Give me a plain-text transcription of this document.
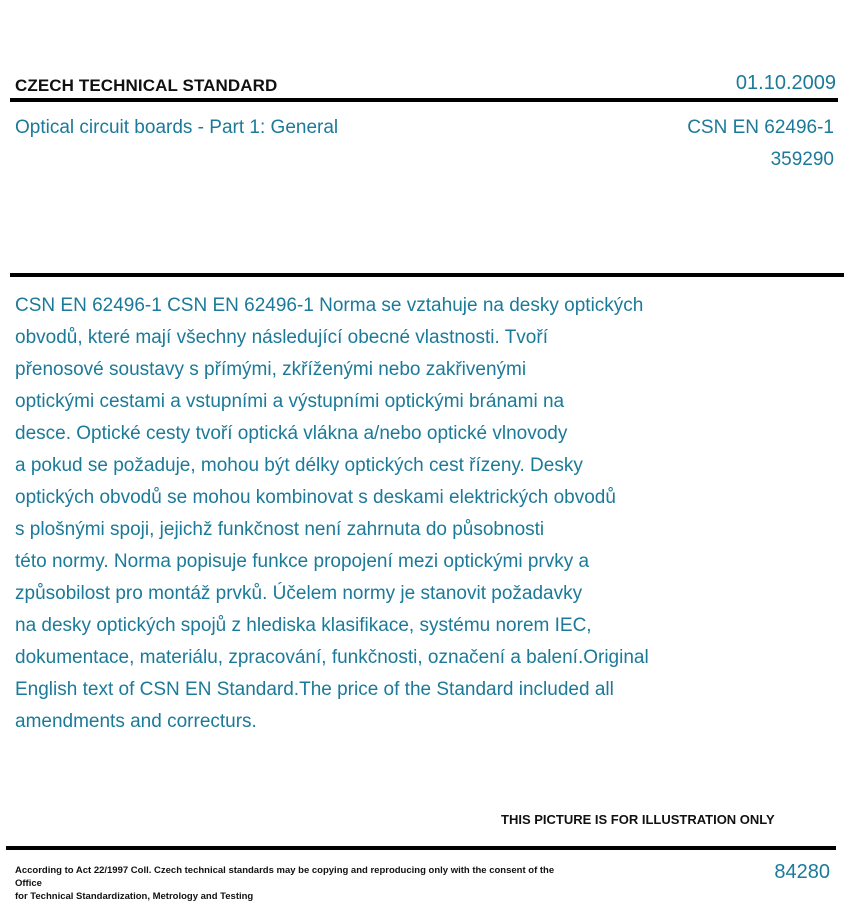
CZECH TECHNICAL STANDARD	01.10.2009
Optical circuit boards - Part 1: General	CSN EN 62496-1
359290
CSN EN 62496-1 CSN EN 62496-1 Norma se vztahuje na desky optických
obvodů, které mají všechny následující obecné vlastnosti. Tvoří
přenosové soustavy s přímými, zkříženými nebo zakřivenými
optickými cestami a vstupními a výstupními optickými bránami na
desce. Optické cesty tvoří optická vlákna a/nebo optické vlnovody
a pokud se požaduje, mohou být délky optických cest řízeny. Desky
optických obvodů se mohou kombinovat s deskami elektrických obvodů
s plošnými spoji, jejichž funkčnost není zahrnuta do působnosti
této normy. Norma popisuje funkce propojení mezi optickými prvky a
způsobilost pro montáž prvků. Účelem normy je stanovit požadavky
na desky optických spojů z hlediska klasifikace, systému norem IEC,
dokumentace, materiálu, zpracování, funkčnosti, označení a balení.Original
English text of CSN EN Standard.The price of the Standard included all
amendments and correcturs.
THIS PICTURE IS FOR ILLUSTRATION ONLY
According to Act 22/1997 Coll. Czech technical standards may be copying and reproducing only with the consent of the Office
for Technical Standardization, Metrology and Testing
84280
